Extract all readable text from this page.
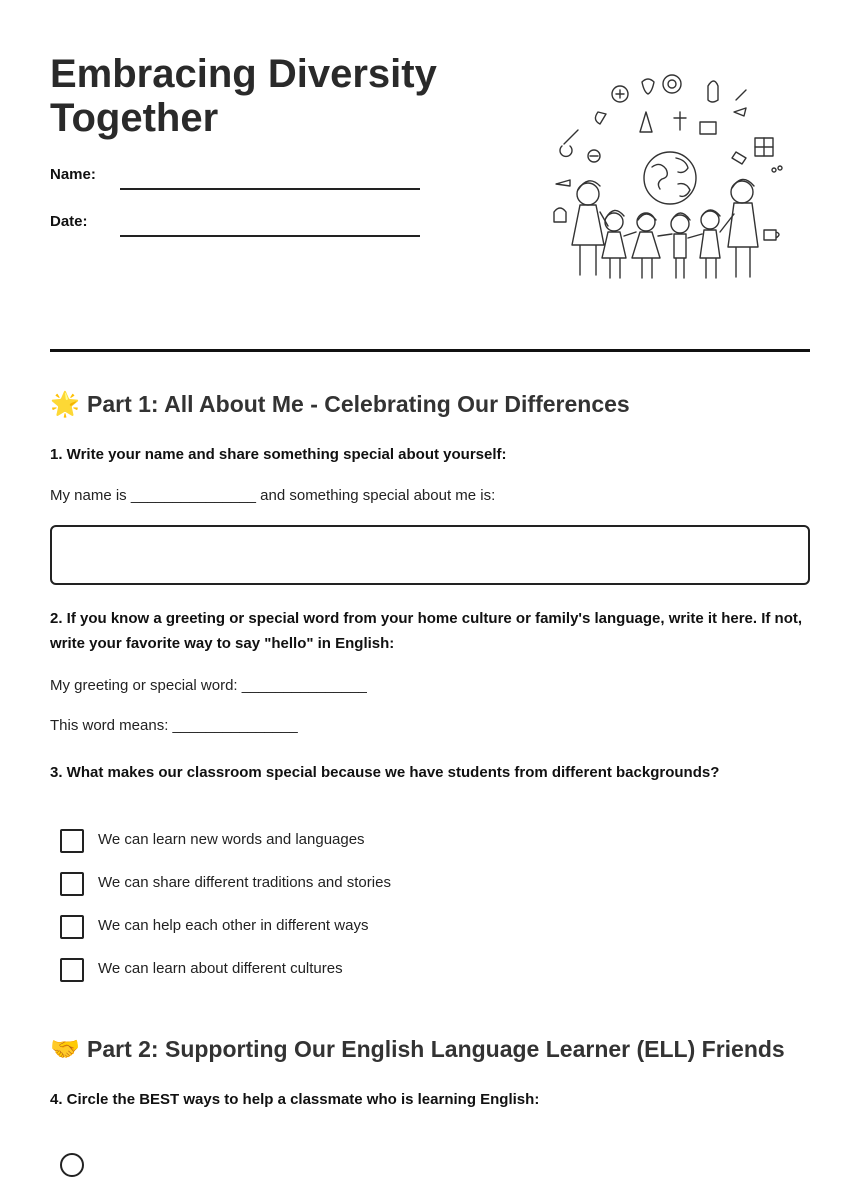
Embracing Diversity
Together
Name:
Date:
🌟 Part 1: All About Me - Celebrating Our Differences
1. Write your name and share something special about yourself:
My name is _______________ and something special about me is:
2. If you know a greeting or special word from your home culture or family's language, write it here. If not, write your favorite way to say "hello" in English:
My greeting or special word: _______________
This word means: _______________
3. What makes our classroom special because we have students from different backgrounds?
We can learn new words and languages
We can share different traditions and stories
We can help each other in different ways
We can learn about different cultures
🤝 Part 2: Supporting Our English Language Learner (ELL) Friends
4. Circle the BEST ways to help a classmate who is learning English:
